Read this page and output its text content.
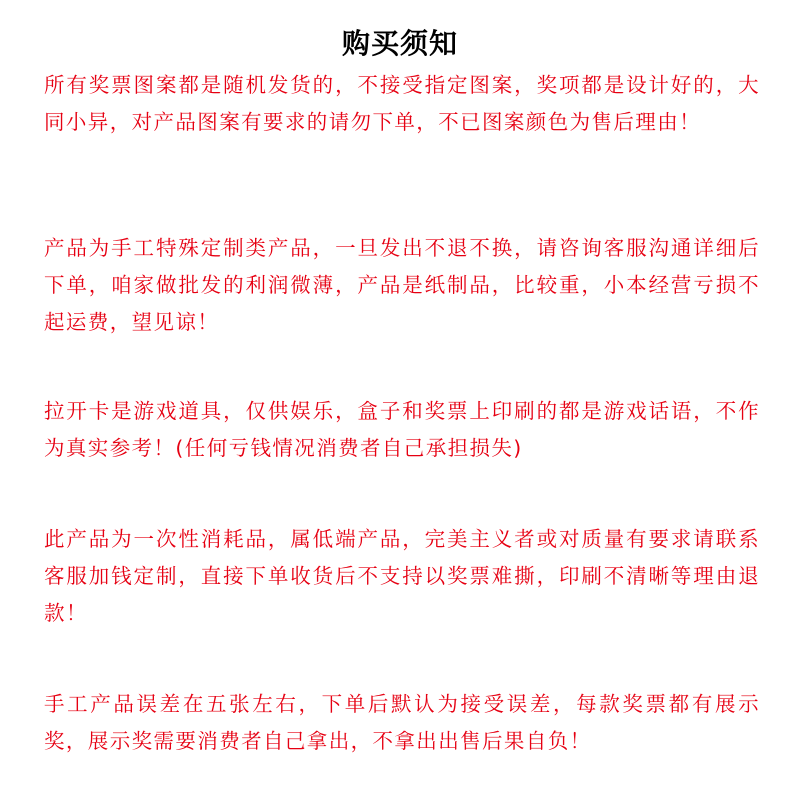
购买须知
所有奖票图案都是随机发货的，不接受指定图案，奖项都是设计好的，大同小异，对产品图案有要求的请勿下单，不已图案颜色为售后理由！
产品为手工特殊定制类产品，一旦发出不退不换，请咨询客服沟通详细后下单，咱家做批发的利润微薄，产品是纸制品，比较重，小本经营亏损不起运费，望见谅！
拉开卡是游戏道具，仅供娱乐，盒子和奖票上印刷的都是游戏话语，不作为真实参考！(任何亏钱情况消费者自己承担损失)
此产品为一次性消耗品，属低端产品，完美主义者或对质量有要求请联系客服加钱定制，直接下单收货后不支持以奖票难撕，印刷不清晰等理由退款！
手工产品误差在五张左右，下单后默认为接受误差，每款奖票都有展示奖，展示奖需要消费者自己拿出，不拿出出售后果自负！
